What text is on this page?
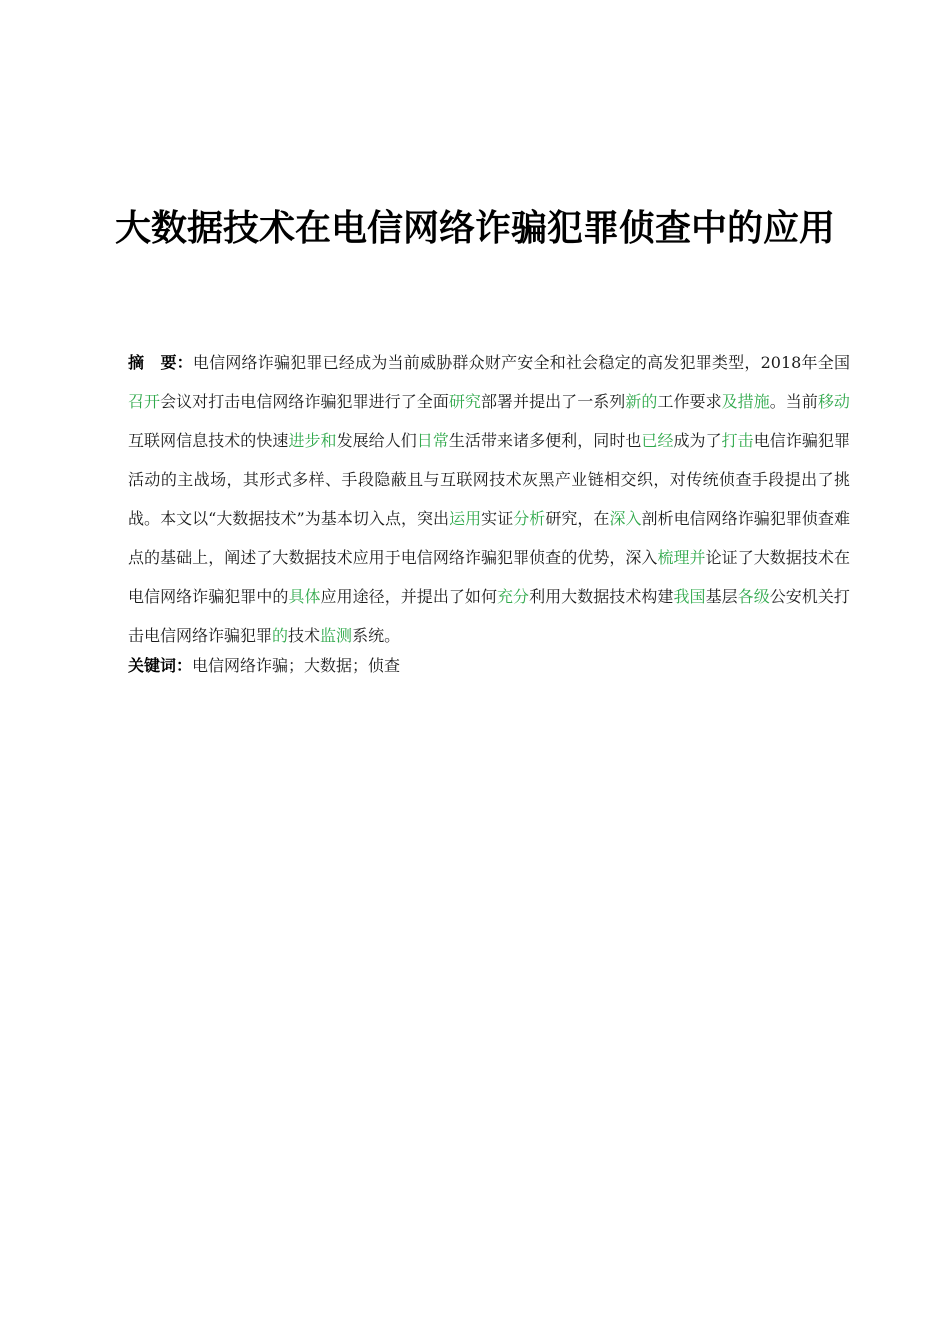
大数据技术在电信网络诈骗犯罪侦查中的应用

摘　要：电信网络诈骗犯罪已经成为当前威胁群众财产安全和社会稳定的高发犯罪类型，2018年全国召开会议对打击电信网络诈骗犯罪进行了全面研究部署并提出了一系列新的工作要求及措施。当前移动互联网信息技术的快速进步和发展给人们日常生活带来诸多便利，同时也已经成为了打击电信诈骗犯罪活动的主战场，其形式多样、手段隐蔽且与互联网技术灰黑产业链相交织，对传统侦查手段提出了挑战。本文以“大数据技术”为基本切入点，突出运用实证分析研究，在深入剖析电信网络诈骗犯罪侦查难点的基础上，阐述了大数据技术应用于电信网络诈骗犯罪侦查的优势，深入梳理并论证了大数据技术在电信网络诈骗犯罪中的具体应用途径，并提出了如何充分利用大数据技术构建我国基层各级公安机关打击电信网络诈骗犯罪的技术监测系统。

关键词：电信网络诈骗；大数据；侦查
